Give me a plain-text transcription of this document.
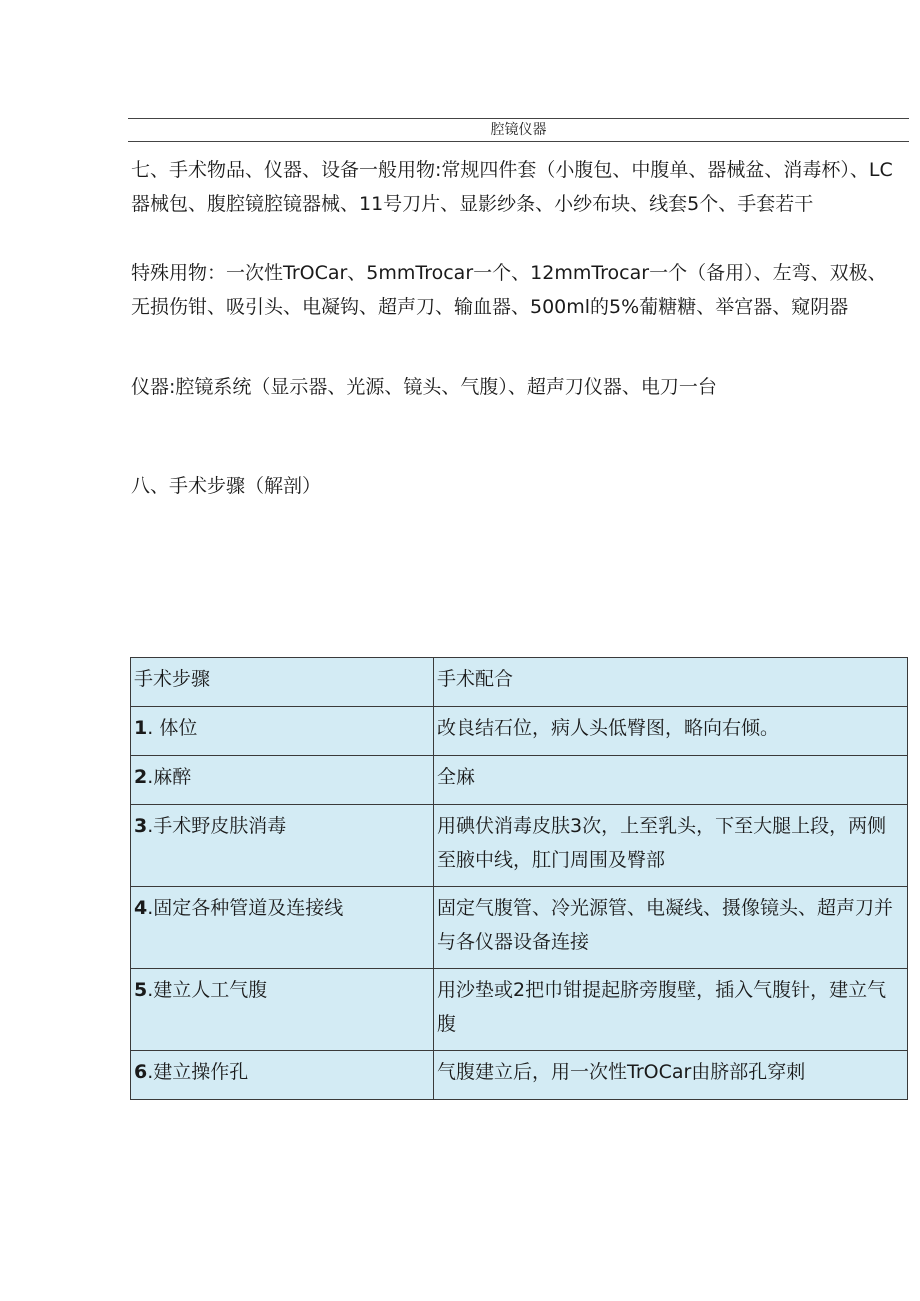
腔镜仪器

七、手术物品、仪器、设备一般用物:常规四件套（小腹包、中腹单、器械盆、消毒杯）、LC器械包、腹腔镜腔镜器械、11号刀片、显影纱条、小纱布块、线套5个、手套若干

特殊用物：一次性TrOCar、5mmTrocar一个、12mmTrocar一个（备用）、左弯、双极、无损伤钳、吸引头、电凝钩、超声刀、输血器、500ml的5%葡糖糖、举宫器、窥阴器

仪器:腔镜系统（显示器、光源、镜头、气腹）、超声刀仪器、电刀一台

八、手术步骤（解剖）

手术步骤	手术配合
1. 体位	改良结石位，病人头低臀图，略向右倾。
2.麻醉	全麻
3.手术野皮肤消毒	用碘伏消毒皮肤3次，上至乳头，下至大腿上段，两侧至腋中线，肛门周围及臀部
4.固定各种管道及连接线	固定气腹管、冷光源管、电凝线、摄像镜头、超声刀并与各仪器设备连接
5.建立人工气腹	用沙垫或2把巾钳提起脐旁腹壁，插入气腹针，建立气腹
6.建立操作孔	气腹建立后，用一次性TrOCar由脐部孔穿刺
